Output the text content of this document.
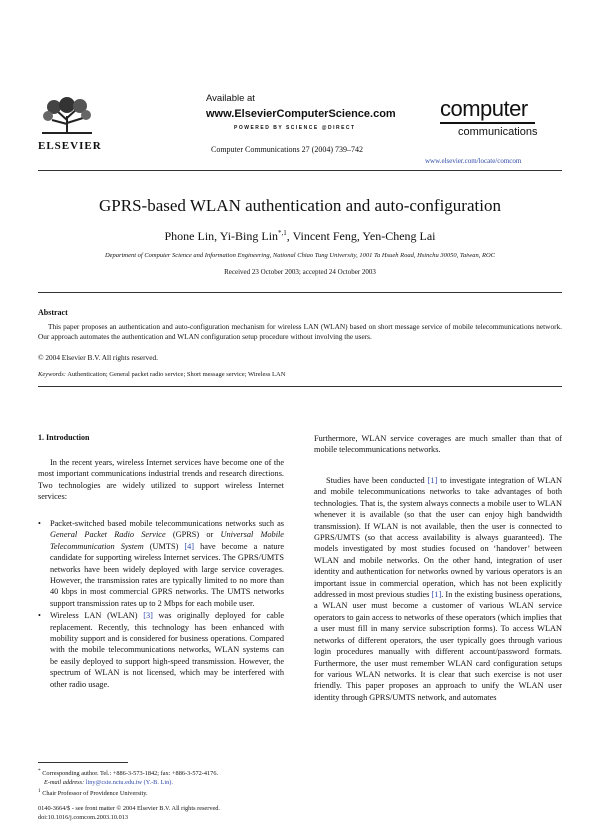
ELSEVIER
Available at
www.ElsevierComputerScience.com
POWERED BY SCIENCE @DIRECT
Computer Communications 27 (2004) 739–742
computer
communications
www.elsevier.com/locate/comcom
GPRS-based WLAN authentication and auto-configuration
Phone Lin, Yi-Bing Lin$^{*,1}$, Vincent Feng, Yen-Cheng Lai
Department of Computer Science and Information Engineering, National Chiao Tung University, 1001 Ta Hsueh Road, Hsinchu 30050, Taiwan, ROC
Received 23 October 2003; accepted 24 October 2003
Abstract
This paper proposes an authentication and auto-configuration mechanism for wireless LAN (WLAN) based on short message service of mobile telecommunications network. Our approach automates the authentication and WLAN configuration setup procedure without involving the users.
© 2004 Elsevier B.V. All rights reserved.
Keywords: Authentication; General packet radio service; Short message service; Wireless LAN
1. Introduction
In the recent years, wireless Internet services have become one of the most important communications industrial trends and research directions. Two technologies are widely utilized to support wireless Internet services:
• Packet-switched based mobile telecommunications networks such as General Packet Radio Service (GPRS) or Universal Mobile Telecommunication System (UMTS) [4] have become a nature candidate for supporting wireless Internet services. The GPRS/UMTS networks have been widely deployed with large service coverages. However, the transmission rates are typically limited to no more than 40 kbps in most commercial GPRS networks. The UMTS networks support transmission rates up to 2 Mbps for each mobile user.
• Wireless LAN (WLAN) [3] was originally deployed for cable replacement. Recently, this technology has been enhanced with mobility support and is considered for business operations. Compared with the mobile telecommunications networks, WLAN systems can be easily deployed to support high-speed transmission. However, the spectrum of WLAN is not licensed, which may be interfered with other radio usage.
Furthermore, WLAN service coverages are much smaller than that of mobile telecommunications networks.
Studies have been conducted [1] to investigate integration of WLAN and mobile telecommunications networks to take advantages of both technologies. That is, the system always connects a mobile user to WLAN whenever it is available (so that the user can enjoy high bandwidth transmission). If WLAN is not available, then the user is connected to GPRS/UMTS (so that access availability is always guaranteed). The models investigated by most studies focused on ‘handover’ between WLAN and mobile networks. On the other hand, integration of user identity and authentication for networks owned by various operators is an important issue in commercial operation, which has not been explicitly addressed in most previous studies [1]. In the existing business operations, a WLAN user must become a customer of various WLAN service operators to gain access to networks of these operators (which implies that a user must fill in many service subscription forms). To access WLAN networks of different operators, the user typically goes through various login procedures manually with different account/password formats. Furthermore, the user must remember WLAN card configuration setups for various WLAN networks. It is clear that such exercise is not user friendly. This paper proposes an approach to unify the WLAN user identity through GPRS/UMTS network, and automates
* Corresponding author. Tel.: +886-3-573-1842; fax: +886-3-572-4176.
E-mail address: liny@csie.nctu.edu.tw (Y.-B. Lin).
$^1$ Chair Professor of Providence University.
0140-3664/$ - see front matter © 2004 Elsevier B.V. All rights reserved.
doi:10.1016/j.comcom.2003.10.013
